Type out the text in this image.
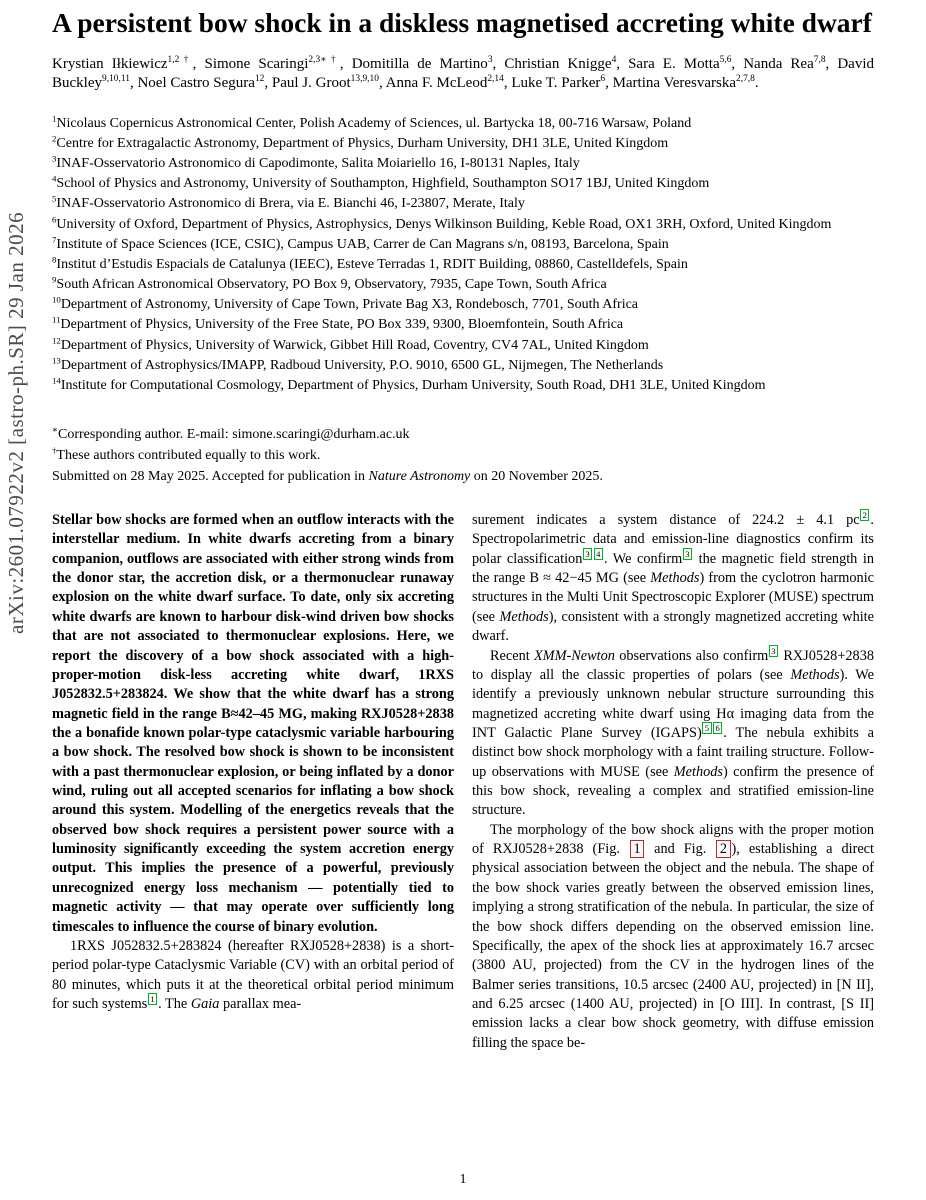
arXiv:2601.07922v2 [astro-ph.SR] 29 Jan 2026
A persistent bow shock in a diskless magnetised accreting white dwarf

Krystian Iłkiewicz$^{1,2\dagger}$, Simone Scaringi$^{2,3∗\dagger}$, Domitilla de Martino$^3$, Christian Knigge$^4$, Sara E. Motta$^{5,6}$, Nanda Rea$^{7,8}$, David Buckley$^{9,10,11}$, Noel Castro Segura$^{12}$, Paul J. Groot$^{13,9,10}$, Anna F. McLeod$^{2,14}$, Luke T. Parker$^6$, Martina Veresvarska$^{2,7,8}$.

$^1$Nicolaus Copernicus Astronomical Center, Polish Academy of Sciences, ul. Bartycka 18, 00-716 Warsaw, Poland
$^2$Centre for Extragalactic Astronomy, Department of Physics, Durham University, DH1 3LE, United Kingdom
$^3$INAF-Osservatorio Astronomico di Capodimonte, Salita Moiariello 16, I-80131 Naples, Italy
$^4$School of Physics and Astronomy, University of Southampton, Highfield, Southampton SO17 1BJ, United Kingdom
$^5$INAF-Osservatorio Astronomico di Brera, via E. Bianchi 46, I-23807, Merate, Italy
$^6$University of Oxford, Department of Physics, Astrophysics, Denys Wilkinson Building, Keble Road, OX1 3RH, Oxford, United Kingdom
$^7$Institute of Space Sciences (ICE, CSIC), Campus UAB, Carrer de Can Magrans s/n, 08193, Barcelona, Spain
$^8$Institut d’Estudis Espacials de Catalunya (IEEC), Esteve Terradas 1, RDIT Building, 08860, Castelldefels, Spain
$^9$South African Astronomical Observatory, PO Box 9, Observatory, 7935, Cape Town, South Africa
$^{10}$Department of Astronomy, University of Cape Town, Private Bag X3, Rondebosch, 7701, South Africa
$^{11}$Department of Physics, University of the Free State, PO Box 339, 9300, Bloemfontein, South Africa
$^{12}$Department of Physics, University of Warwick, Gibbet Hill Road, Coventry, CV4 7AL, United Kingdom
$^{13}$Department of Astrophysics/IMAPP, Radboud University, P.O. 9010, 6500 GL, Nijmegen, The Netherlands
$^{14}$Institute for Computational Cosmology, Department of Physics, Durham University, South Road, DH1 3LE, United Kingdom
∗Corresponding author. E-mail: simone.scaringi@durham.ac.uk
†These authors contributed equally to this work.
Submitted on 28 May 2025. Accepted for publication in Nature Astronomy on 20 November 2025.

Stellar bow shocks are formed when an outflow interacts with the interstellar medium. In white dwarfs accreting from a binary companion, outflows are associated with either strong winds from the donor star, the accretion disk, or a thermonuclear runaway explosion on the white dwarf surface. To date, only six accreting white dwarfs are known to harbour disk-wind driven bow shocks that are not associated to thermonuclear explosions. Here, we report the discovery of a bow shock associated with a high-proper-motion disk-less accreting white dwarf, 1RXS J052832.5+283824. We show that the white dwarf has a strong magnetic field in the range B≈42–45 MG, making RXJ0528+2838 the a bonafide known polar-type cataclysmic variable harbouring a bow shock. The resolved bow shock is shown to be inconsistent with a past thermonuclear explosion, or being inflated by a donor wind, ruling out all accepted scenarios for inflating a bow shock around this system. Modelling of the energetics reveals that the observed bow shock requires a persistent power source with a luminosity significantly exceeding the system accretion energy output. This implies the presence of a powerful, previously unrecognized energy loss mechanism — potentially tied to magnetic activity — that may operate over sufficiently long timescales to influence the course of binary evolution.

1RXS J052832.5+283824 (hereafter RXJ0528+2838) is a short-period polar-type Cataclysmic Variable (CV) with an orbital period of 80 minutes, which puts it at the theoretical orbital period minimum for such systems $^1$ . The Gaia parallax mea-

surement indicates a system distance of 224.2 ± 4.1 pc $^2$ . Spectropolarimetric data and emission-line diagnostics confirm its polar classification $^3$ $^4$ . We confirm $^3$ the magnetic field strength in the range B ≈ 42−45 MG (see Methods) from the cyclotron harmonic structures in the Multi Unit Spectroscopic Explorer (MUSE) spectrum (see Methods), consistent with a strongly magnetized accreting white dwarf.

Recent XMM-Newton observations also confirm $^3$ RXJ0528+2838 to display all the classic properties of polars (see Methods). We identify a previously unknown nebular structure surrounding this magnetized accreting white dwarf using Hα imaging data from the INT Galactic Plane Survey (IGAPS) $^5$ $^6$ . The nebula exhibits a distinct bow shock morphology with a faint trailing structure. Follow-up observations with MUSE (see Methods) confirm the presence of this bow shock, revealing a complex and stratified emission-line structure.

The morphology of the bow shock aligns with the proper motion of RXJ0528+2838 (Fig. 1 and Fig. 2 ), establishing a direct physical association between the object and the nebula. The shape of the bow shock varies greatly between the observed emission lines, implying a strong stratification of the nebula. In particular, the size of the bow shock differs depending on the observed emission line. Specifically, the apex of the shock lies at approximately 16.7 arcsec (3800 AU, projected) from the CV in the hydrogen lines of the Balmer series transitions, 10.5 arcsec (2400 AU, projected) in [N II], and 6.25 arcsec (1400 AU, projected) in [O III]. In contrast, [S II] emission lacks a clear bow shock geometry, with diffuse emission filling the space be-

1
